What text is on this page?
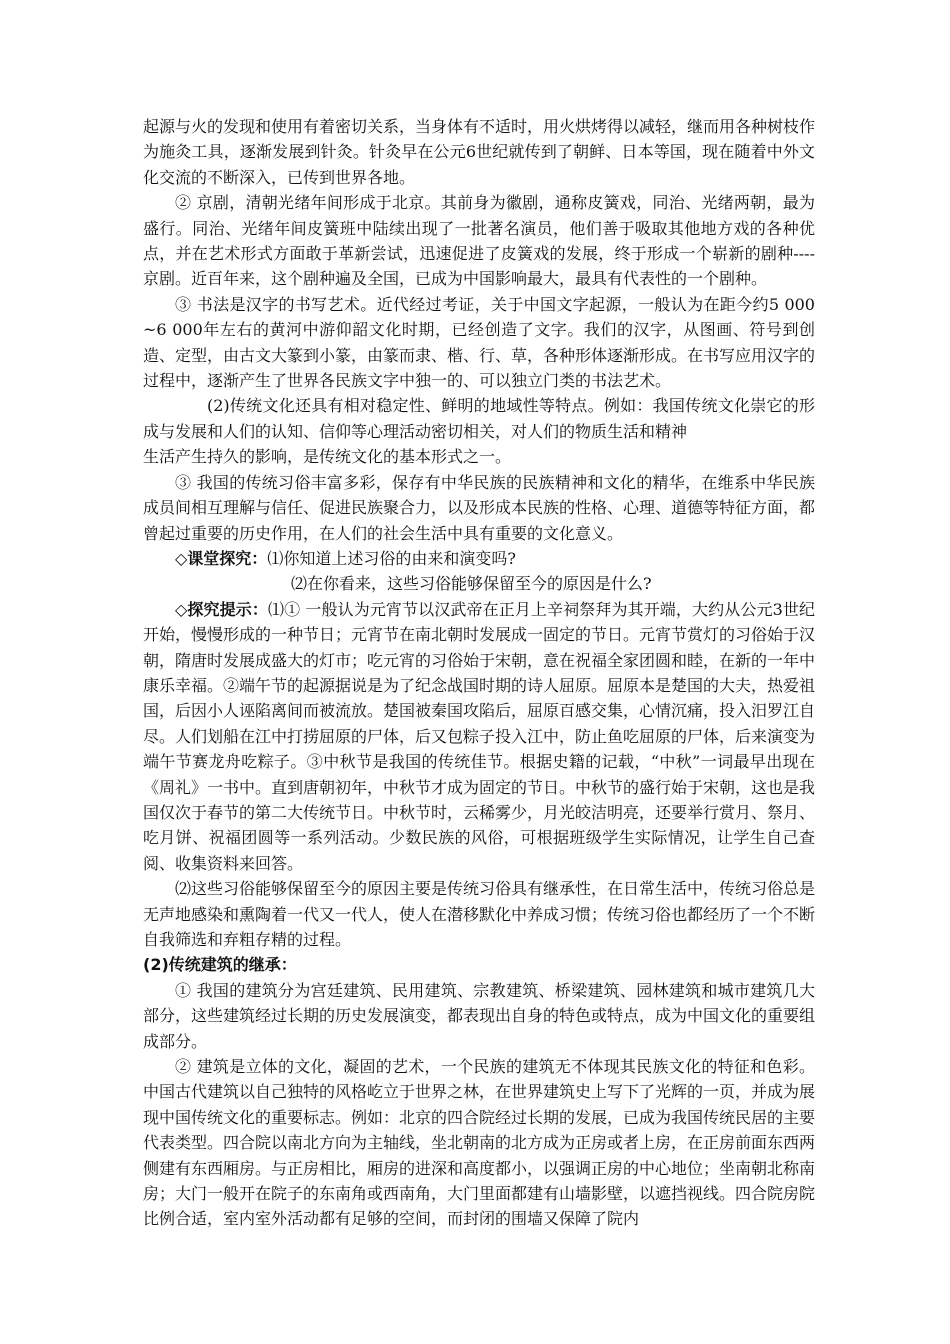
起源与火的发现和使用有着密切关系，当身体有不适时，用火烘烤得以减轻，继而用各种树枝作为施灸工具，逐渐发展到针灸。针灸早在公元6世纪就传到了朝鲜、日本等国，现在随着中外文化交流的不断深入，已传到世界各地。

② 京剧，清朝光绪年间形成于北京。其前身为徽剧，通称皮簧戏，同治、光绪两朝，最为盛行。同治、光绪年间皮簧班中陆续出现了一批著名演员，他们善于吸取其他地方戏的各种优点，并在艺术形式方面敢于革新尝试，迅速促进了皮簧戏的发展，终于形成一个崭新的剧种----京剧。近百年来，这个剧种遍及全国，已成为中国影响最大，最具有代表性的一个剧种。

③ 书法是汉字的书写艺术。近代经过考证，关于中国文字起源，一般认为在距今约5 000~6 000年左右的黄河中游仰韶文化时期，已经创造了文字。我们的汉字，从图画、符号到创造、定型，由古文大篆到小篆，由篆而隶、楷、行、草，各种形体逐渐形成。在书写应用汉字的过程中，逐渐产生了世界各民族文字中独一的、可以独立门类的书法艺术。

(2)传统文化还具有相对稳定性、鲜明的地域性等特点。例如：我国传统文化崇它的形成与发展和人们的认知、信仰等心理活动密切相关，对人们的物质生活和精神

生活产生持久的影响，是传统文化的基本形式之一。

③ 我国的传统习俗丰富多彩，保存有中华民族的民族精神和文化的精华，在维系中华民族成员间相互理解与信任、促进民族聚合力，以及形成本民族的性格、心理、道德等特征方面，都曾起过重要的历史作用，在人们的社会生活中具有重要的文化意义。

◇课堂探究：⑴你知道上述习俗的由来和演变吗?

⑵在你看来，这些习俗能够保留至今的原因是什么?

◇探究提示：⑴① 一般认为元宵节以汉武帝在正月上辛祠祭拜为其开端，大约从公元3世纪开始，慢慢形成的一种节日；元宵节在南北朝时发展成一固定的节日。元宵节赏灯的习俗始于汉朝，隋唐时发展成盛大的灯市；吃元宵的习俗始于宋朝，意在祝福全家团圆和睦，在新的一年中康乐幸福。②端午节的起源据说是为了纪念战国时期的诗人屈原。屈原本是楚国的大夫，热爱祖国，后因小人诬陷离间而被流放。楚国被秦国攻陷后，屈原百感交集，心情沉痛，投入汨罗江自尽。人们划船在江中打捞屈原的尸体，后又包粽子投入江中，防止鱼吃屈原的尸体，后来演变为端午节赛龙舟吃粽子。③中秋节是我国的传统佳节。根据史籍的记载，“中秋”一词最早出现在《周礼》一书中。直到唐朝初年，中秋节才成为固定的节日。中秋节的盛行始于宋朝，这也是我国仅次于春节的第二大传统节日。中秋节时，云稀雾少，月光皎洁明亮，还要举行赏月、祭月、吃月饼、祝福团圆等一系列活动。少数民族的风俗，可根据班级学生实际情况，让学生自己查阅、收集资料来回答。

⑵这些习俗能够保留至今的原因主要是传统习俗具有继承性，在日常生活中，传统习俗总是无声地感染和熏陶着一代又一代人，使人在潜移默化中养成习惯；传统习俗也都经历了一个不断自我筛选和弃粗存精的过程。

(2)传统建筑的继承：

① 我国的建筑分为宫廷建筑、民用建筑、宗教建筑、桥梁建筑、园林建筑和城市建筑几大部分，这些建筑经过长期的历史发展演变，都表现出自身的特色或特点，成为中国文化的重要组成部分。

② 建筑是立体的文化，凝固的艺术，一个民族的建筑无不体现其民族文化的特征和色彩。中国古代建筑以自己独特的风格屹立于世界之林，在世界建筑史上写下了光辉的一页，并成为展现中国传统文化的重要标志。例如：北京的四合院经过长期的发展，已成为我国传统民居的主要代表类型。四合院以南北方向为主轴线，坐北朝南的北方成为正房或者上房，在正房前面东西两侧建有东西厢房。与正房相比，厢房的进深和高度都小，以强调正房的中心地位；坐南朝北称南房；大门一般开在院子的东南角或西南角，大门里面都建有山墙影壁，以遮挡视线。四合院房院比例合适，室内室外活动都有足够的空间，而封闭的围墙又保障了院内
